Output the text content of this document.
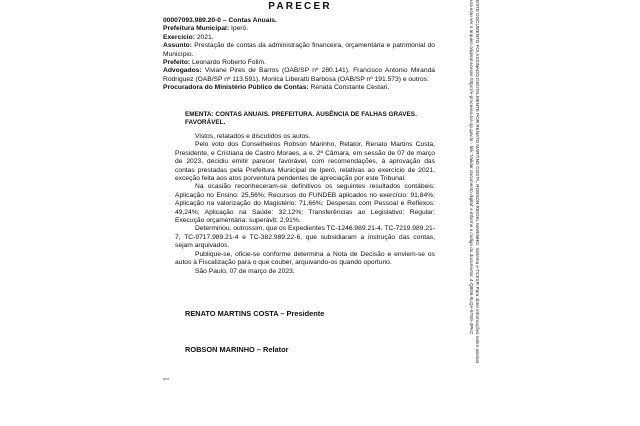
PARECER

00007093.989.20-0 – Contas Anuais.

Prefeitura Municipal: Iperó.

Exercício: 2021.

Assunto: Prestação de contas da administração financeira, orçamentária e patrimonial do Município.

Prefeito: Leonardo Roberto Folim.

Advogados: Viviane Pires de Barros (OAB/SP nº 280.141), Francisco Antonio Miranda Rodriguez (OAB/SP nº 113.591), Monica Liberatti Barbosa (OAB/SP nº 191.573) e outros.

Procuradora do Ministério Público de Contas: Renata Constante Cestari.

EMENTA: CONTAS ANUAIS. PREFEITURA. AUSÊNCIA DE FALHAS GRAVES. FAVORÁVEL.

Vistos, relatados e discutidos os autos.

Pelo voto dos Conselheiros Robson Marinho, Relator, Renato Martins Costa, Presidente, e Cristiana de Castro Moraes, a e. 2ª Câmara, em sessão de 07 de março de 2023, decidiu emitir parecer favorável, com recomendações, à aprovação das contas prestadas pela Prefeitura Municipal de Iperó, relativas ao exercício de 2021, exceção feita aos atos porventura pendentes de apreciação por este Tribunal.

Na ocasião reconheceram-se definitivos os seguintes resultados contábeis: Aplicação no Ensino: 25,56%; Recursos do FUNDEB aplicados no exercício: 91,84%; Aplicação na valorização do Magistério: 71,66%; Despesas com Pessoal e Reflexos: 49,24%; Aplicação na Saúde: 32,12%; Transferências ao Legislativo: Regular; Execução orçamentária: superávit: 2,91%.

Determinou, outrossim, que os Expedientes TC-1246.989.21-4, TC-7219.989.21-7, TC-9717.989.21-4 e TC-382.989.22-6, que subsidiaram a instrução das contas, sejam arquivados.

Publique-se, oficie-se conforme determina a Nota de Decisão e enviem-se os autos à Fiscalização para o que couber, arquivando-os quando oportuno.

São Paulo, 07 de março de 2023.

RENATO MARTINS COSTA – Presidente
ROBSON MARINHO – Relator
ec/r
ESTE DOCUMENTO FOI ASSINADO DIGITALMENTE POR RENATO MARTINS COSTA, ROBSON RIEDEL MARINHO. Sistema e-TCESP. Para obter informações sobre assinat
ura e/ou ver o arquivo original acesse https://e-processo.tce.sp.gov.br - link 'Validar documento digital' e informe o código do documento: 4-Q8G6-9LQA-6T6S-4PKC
